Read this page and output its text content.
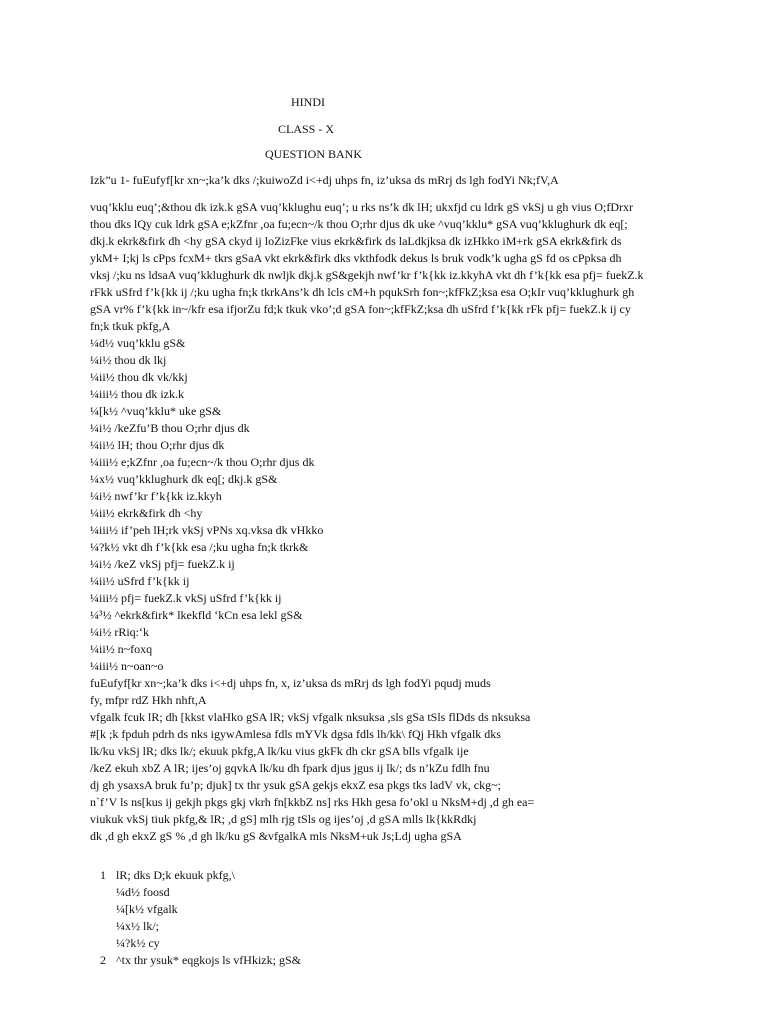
HINDI
CLASS - X
QUESTION BANK
Izk”u 1- fuEufyf[kr xn~;ka’k dks /;kuiwoZd i<+dj uhps fn, iz’uksa ds mRrj ds lgh fodYi Nk;fV,A
vuq’kklu euq’;&thou dk izk.k gSA vuq’kklughu euq’; u rks ns’k dk lH; ukxfjd cu ldrk gS vkSj u gh vius O;fDrxr
thou dks lQy cuk ldrk gSA e;kZfnr ,oa fu;ecn~/k thou O;rhr djus dk uke ^vuq’kklu* gSA vuq’kklughurk dk eq[;
dkj.k ekrk&firk dh <hy gSA ckyd ij loZizFke vius ekrk&firk ds laLdkjksa dk izHkko iM+rk gSA ekrk&firk ds
ykM+ I;kj ls cPps fcxM+ tkrs gSaA vkt ekrk&firk dks vkthfodk dekus ls bruk vodk’k ugha gS fd os cPpksa dh
vksj /;ku ns ldsaA vuq’kklughurk dk nwljk dkj.k gS&gekjh nwf’kr f’k{kk iz.kkyhA vkt dh f’k{kk esa pfj= fuekZ.k
rFkk uSfrd f’k{kk ij /;ku ugha fn;k tkrkAns’k dh lcls cM+h pqukSrh fon~;kfFkZ;ksa esa O;kIr vuq’kklughurk gh
gSA vr% f’k{kk in~/kfr esa ifjorZu fd;k tkuk vko’;d gSA fon~;kfFkZ;ksa dh uSfrd f’k{kk rFk pfj= fuekZ.k ij cy
fn;k tkuk pkfg,A
¼d½ vuq’kklu gS&
¼i½ thou dk lkj
¼ii½ thou dk vk/kkj
¼iii½ thou dk izk.k
¼[k½ ^vuq’kklu* uke gS&
¼i½ /keZfu’B thou O;rhr djus dk
¼ii½ lH; thou O;rhr djus dk
¼iii½ e;kZfnr ,oa fu;ecn~/k thou O;rhr djus dk
¼x½ vuq’kklughurk dk eq[; dkj.k gS&
¼i½ nwf’kr f’k{kk iz.kkyh
¼ii½ ekrk&firk dh <hy
¼iii½ if’peh lH;rk vkSj vPNs xq.vksa dk vHkko
¼?k½ vkt dh f’k{kk esa /;ku ugha fn;k tkrk&
¼i½ /keZ vkSj pfj= fuekZ.k ij
¼ii½ uSfrd f’k{kk ij
¼iii½ pfj= fuekZ.k vkSj uSfrd f’k{kk ij
¼³½ ^ekrk&firk* lkekfld ‘kCn esa lekl gS&
¼i½ rRiq:‘k
¼ii½ n~foxq
¼iii½ n~oan~o
fuEufyf[kr xn~;ka’k dks i<+dj uhps fn, x, iz’uksa ds mRrj ds lgh fodYi pqudj muds
fy, mfpr rdZ Hkh nhft,A
vfgalk fcuk lR; dh [kkst vlaHko gSA lR; vkSj vfgalk nksuksa ,sls gSa tSls flDds ds nksuksa
#[k ;k fpduh pdrh ds nks igywAmlesa fdls mYVk dgsa fdls lh/kk\ fQj Hkh vfgalk dks
lk/ku vkSj lR; dks lk/; ekuuk pkfg,A lk/ku vius gkFk dh ckr gSA blls vfgalk ije
/keZ ekuh xbZ A lR; ijes’oj gqvkA lk/ku dh fpark djus jgus ij lk/; ds n’kZu fdlh fnu
dj gh ysaxsA bruk fu’p; djuk] tx thr ysuk gSA gekjs ekxZ esa pkgs tks ladV vk, ckg~;
n`f’V ls ns[kus ij gekjh pkgs gkj vkrh fn[kkbZ ns] rks Hkh gesa fo’okl u NksM+dj ,d gh ea=
viukuk vkSj tiuk pkfg,& lR; ,d gS] mlh rjg tSls og ijes’oj ,d gSA mlls lk{kkRdkj
dk ,d gh ekxZ gS % ,d gh lk/ku gS &vfgalkA mls NksM+uk Js;Ldj ugha gSA
1 lR; dks D;k ekuuk pkfg,\
¼d½ foosd
¼[k½ vfgalk
¼x½ lk/;
¼?k½ cy
2 ^tx thr ysuk* eqgkojs ls vfHkizk; gS&
